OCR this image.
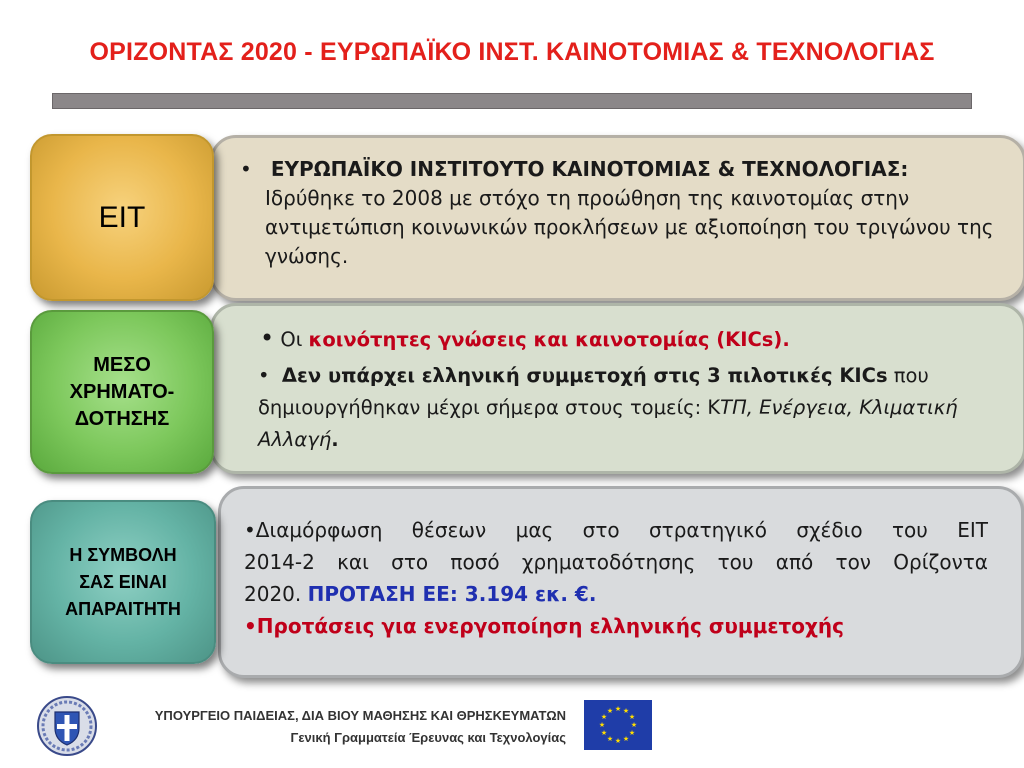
ΟΡΙΖΟΝΤΑΣ 2020 - ΕΥΡΩΠΑΪΚΟ ΙΝΣΤ. ΚΑΙΝΟΤΟΜΙΑΣ & ΤΕΧΝΟΛΟΓΙΑΣ
ΕΙΤ
• ΕΥΡΩΠΑΪΚΟ ΙΝΣΤΙΤΟΥΤΟ ΚΑΙΝΟΤΟΜΙΑΣ & ΤΕΧΝΟΛΟΓΙΑΣ: Ιδρύθηκε το 2008 με στόχο τη προώθηση της καινοτομίας στην αντιμετώπιση κοινωνικών προκλήσεων με αξιοποίηση του τριγώνου της γνώσης.
ΜΕΣΟ
ΧΡΗΜΑΤΟ-
ΔΟΤΗΣΗΣ
• Οι κοινότητες γνώσεις και καινοτομίας (KICs).
• Δεν υπάρχει ελληνική συμμετοχή στις 3 πιλοτικές KICs που δημιουργήθηκαν μέχρι σήμερα στους τομείς: ΚΤΠ, Ενέργεια, Κλιματική Αλλαγή.
Η ΣΥΜΒΟΛΗ
ΣΑΣ ΕΙΝΑΙ
ΑΠΑΡΑΙΤΗΤΗ
•Διαμόρφωση θέσεων μας στο στρατηγικό σχέδιο του ΕΙΤ
2014-2 και στο ποσό χρηματοδότησης του από τον Ορίζοντα
2020. ΠΡΟΤΑΣΗ ΕΕ: 3.194 εκ. €.
•Προτάσεις για ενεργοποίηση ελληνικής συμμετοχής
ΥΠΟΥΡΓΕΙΟ ΠΑΙΔΕΙΑΣ, ΔΙΑ ΒΙΟΥ ΜΑΘΗΣΗΣ ΚΑΙ ΘΡΗΣΚΕΥΜΑΤΩΝ
Γενική Γραμματεία Έρευνας και Τεχνολογίας
★ ★
★
★
★
★
★
★
★
★
★
★
